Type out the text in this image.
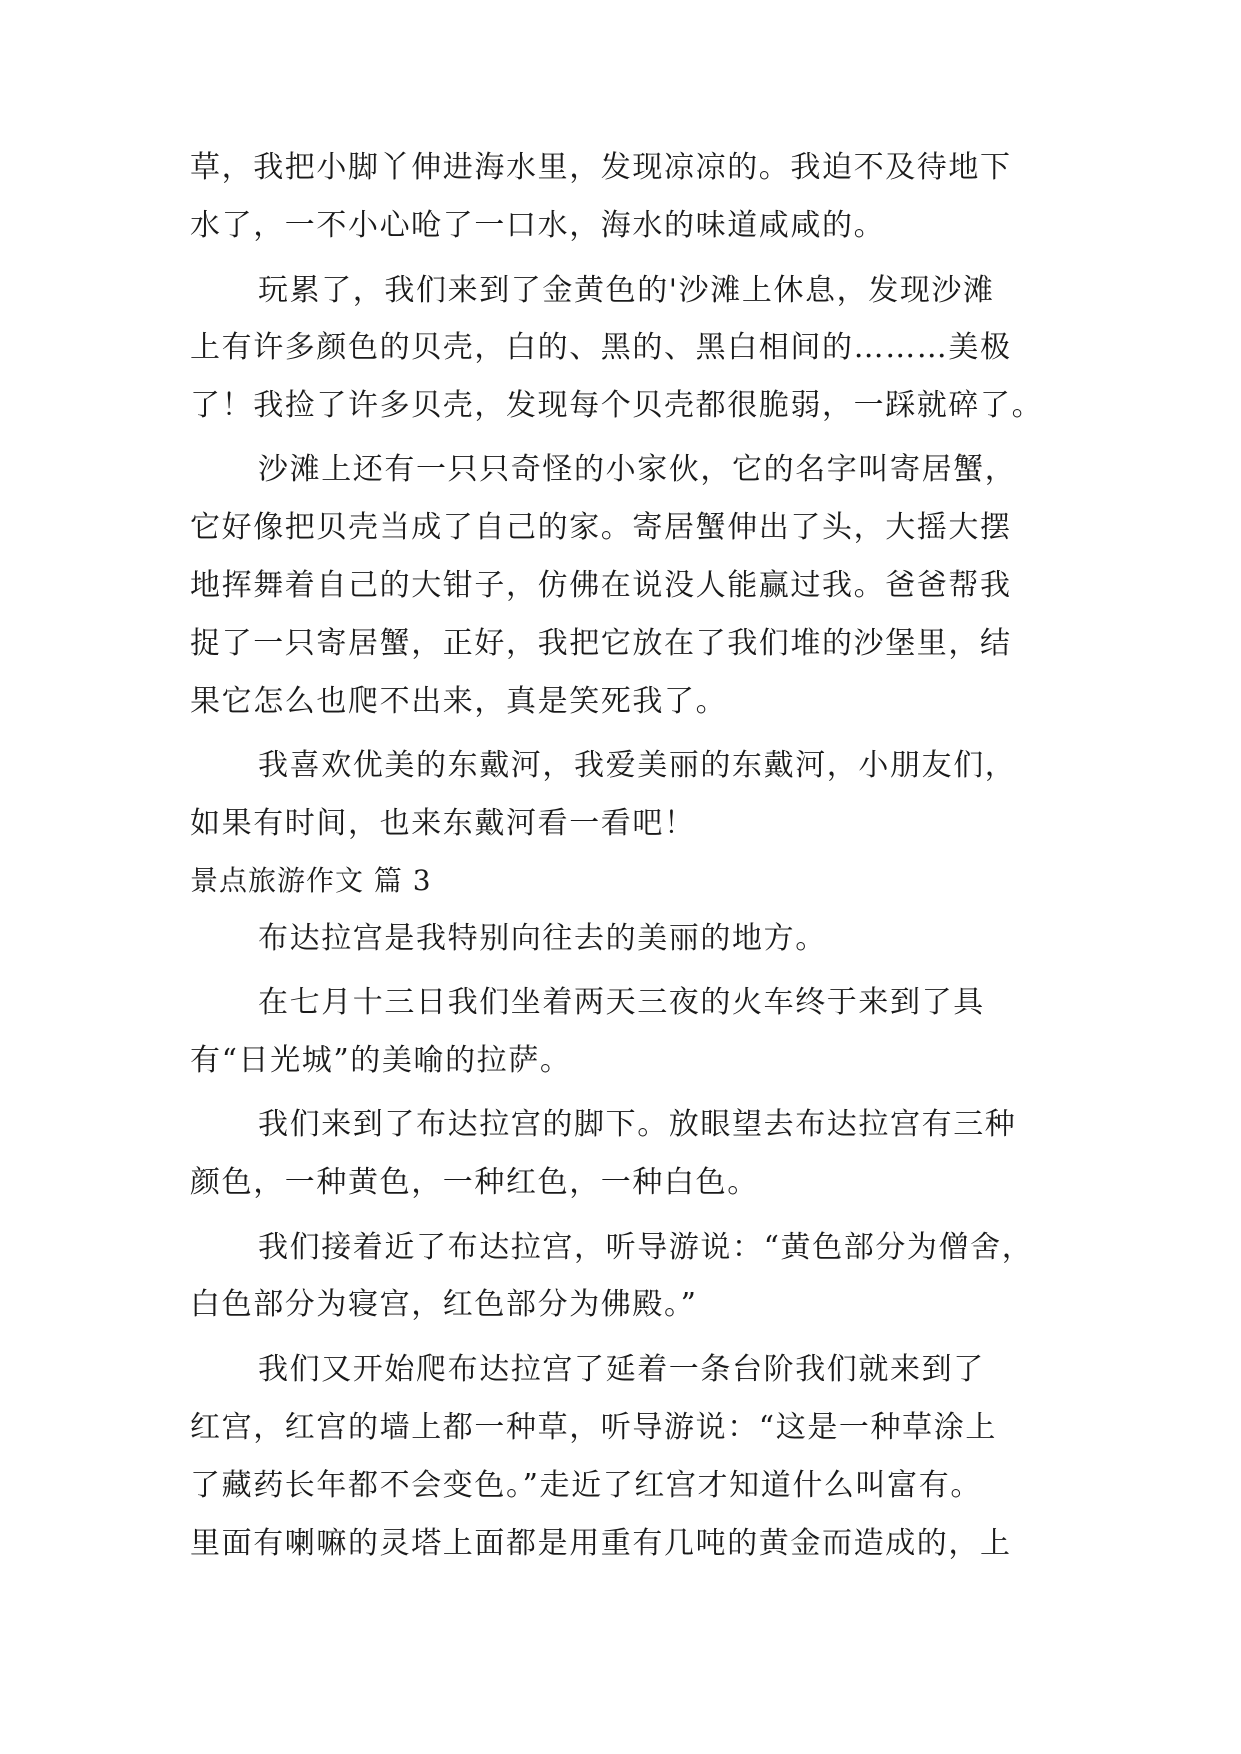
草，我把小脚丫伸进海水里，发现凉凉的。我迫不及待地下

水了，一不小心呛了一口水，海水的味道咸咸的。

玩累了，我们来到了金黄色的'沙滩上休息，发现沙滩

上有许多颜色的贝壳，白的、黑的、黑白相间的………美极

了！我捡了许多贝壳，发现每个贝壳都很脆弱，一踩就碎了。

沙滩上还有一只只奇怪的小家伙，它的名字叫寄居蟹，

它好像把贝壳当成了自己的家。寄居蟹伸出了头，大摇大摆

地挥舞着自己的大钳子，仿佛在说没人能赢过我。爸爸帮我

捉了一只寄居蟹，正好，我把它放在了我们堆的沙堡里，结

果它怎么也爬不出来，真是笑死我了。

我喜欢优美的东戴河，我爱美丽的东戴河，小朋友们，

如果有时间，也来东戴河看一看吧！

景点旅游作文 篇 3

布达拉宫是我特别向往去的美丽的地方。

在七月十三日我们坐着两天三夜的火车终于来到了具

有“日光城”的美喻的拉萨。

我们来到了布达拉宫的脚下。放眼望去布达拉宫有三种

颜色，一种黄色，一种红色，一种白色。

我们接着近了布达拉宫，听导游说：“黄色部分为僧舍，

白色部分为寝宫，红色部分为佛殿。”

我们又开始爬布达拉宫了延着一条台阶我们就来到了

红宫，红宫的墙上都一种草，听导游说：“这是一种草涂上

了藏药长年都不会变色。”走近了红宫才知道什么叫富有。

里面有喇嘛的灵塔上面都是用重有几吨的黄金而造成的，上
